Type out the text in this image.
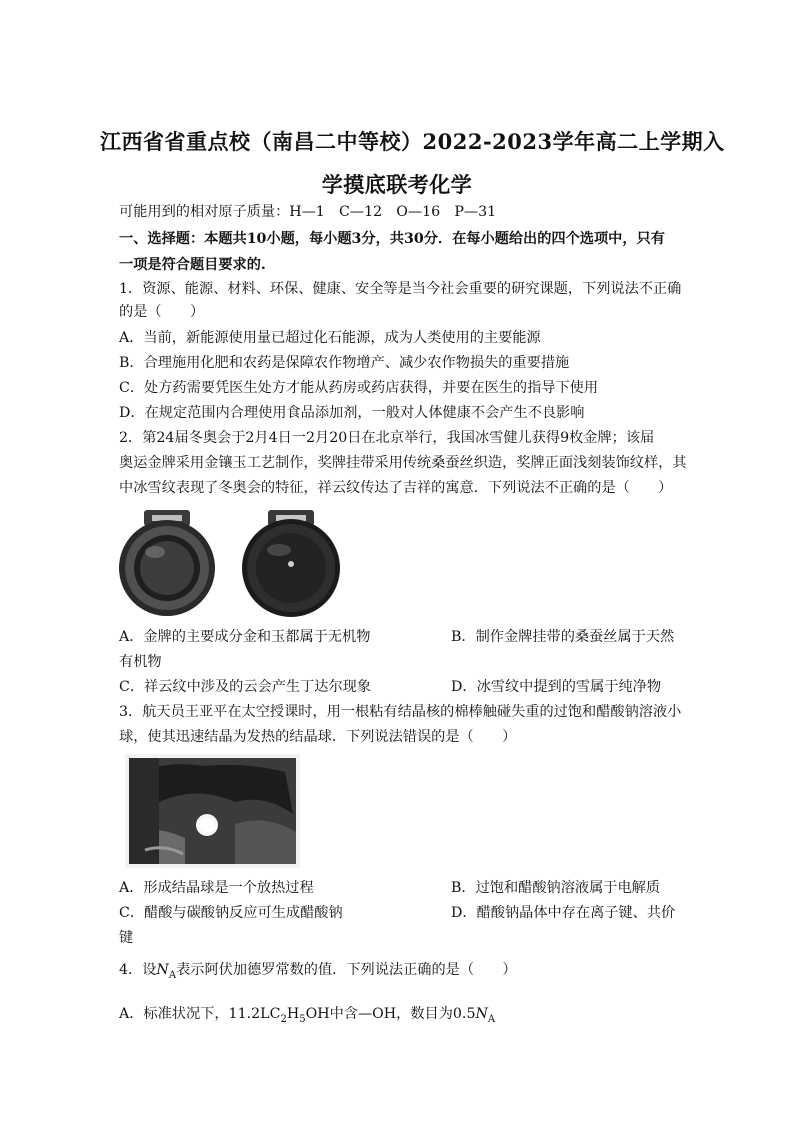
江西省省重点校（南昌二中等校）2022-2023学年高二上学期入
学摸底联考化学
可能用到的相对原子质量：H—1　C—12　O—16　P—31
一、选择题：本题共10小题，每小题3分，共30分．在每小题给出的四个选项中，只有
一项是符合题目要求的.
1．资源、能源、材料、环保、健康、安全等是当今社会重要的研究课题，下列说法不正确
的是（　　）
A．当前，新能源使用量已超过化石能源，成为人类使用的主要能源
B．合理施用化肥和农药是保障农作物增产、减少农作物损失的重要措施
C．处方药需要凭医生处方才能从药房或药店获得，并要在医生的指导下使用
D．在规定范围内合理使用食品添加剂，一般对人体健康不会产生不良影响
2．第24届冬奥会于2月4日一2月20日在北京举行，我国冰雪健儿获得9枚金牌；该届
奥运金牌采用金镶玉工艺制作，奖牌挂带采用传统桑蚕丝织造，奖牌正面浅刻装饰纹样，其
中冰雪纹表现了冬奥会的特征，祥云纹传达了吉祥的寓意．下列说法不正确的是（　　）
A．金牌的主要成分金和玉都属于无机物	B．制作金牌挂带的桑蚕丝属于天然
有机物
C．祥云纹中涉及的云会产生丁达尔现象	D．冰雪纹中提到的雪属于纯净物
3．航天员王亚平在太空授课时，用一根粘有结晶核的棉棒触碰失重的过饱和醋酸钠溶液小
球，使其迅速结晶为发热的结晶球．下列说法错误的是（　　）
A．形成结晶球是一个放热过程	B．过饱和醋酸钠溶液属于电解质
C．醋酸与碳酸钠反应可生成醋酸钠	D．醋酸钠晶体中存在离子键、共价
键
4．设$N_A$表示阿伏加德罗常数的值．下列说法正确的是（　　）
A．标准状况下，$11.2LC_2H_5OH$中含—OH，数目为$0.5N_A$
